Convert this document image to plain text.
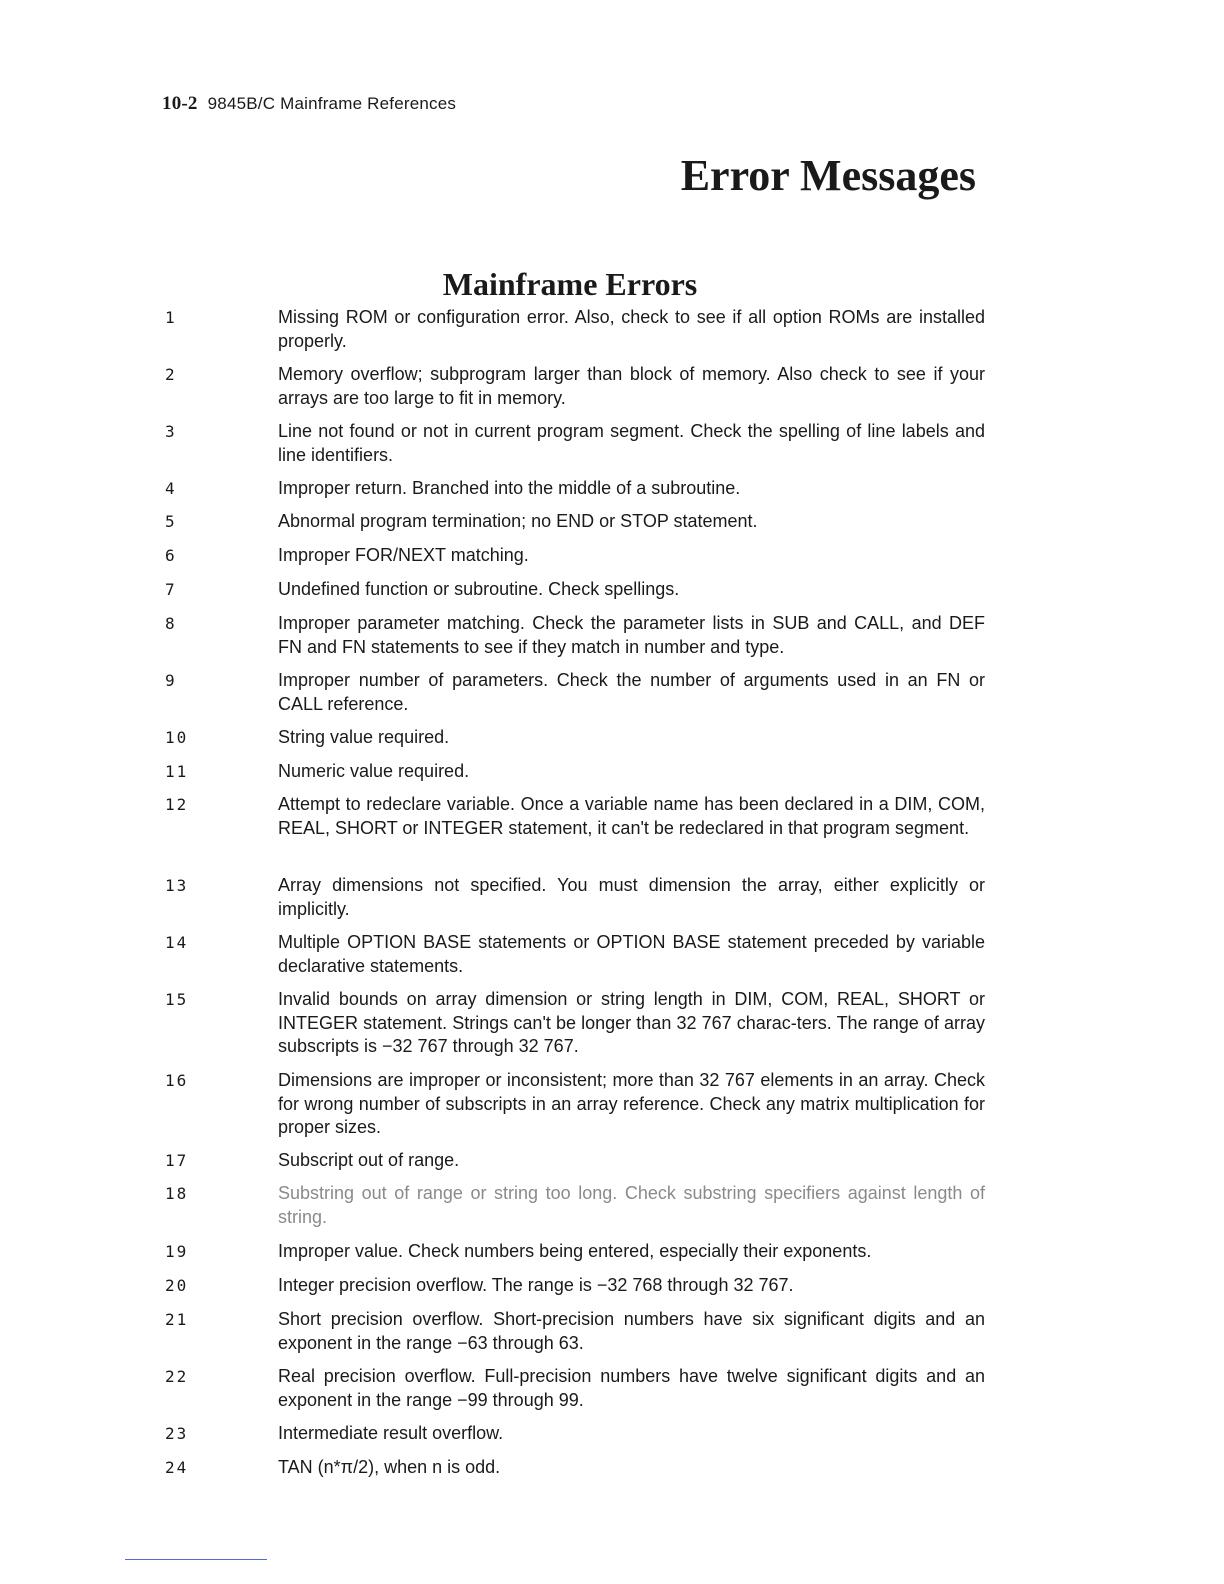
10-2 9845B/C Mainframe References
Error Messages
Mainframe Errors
1	Missing ROM or configuration error. Also, check to see if all option ROMs are installed properly.
2	Memory overflow; subprogram larger than block of memory. Also check to see if your arrays are too large to fit in memory.
3	Line not found or not in current program segment. Check the spelling of line labels and line identifiers.
4	Improper return. Branched into the middle of a subroutine.
5	Abnormal program termination; no END or STOP statement.
6	Improper FOR/NEXT matching.
7	Undefined function or subroutine. Check spellings.
8	Improper parameter matching. Check the parameter lists in SUB and CALL, and DEF FN and FN statements to see if they match in number and type.
9	Improper number of parameters. Check the number of arguments used in an FN or CALL reference.
10	String value required.
11	Numeric value required.
12	Attempt to redeclare variable. Once a variable name has been declared in a DIM, COM, REAL, SHORT or INTEGER statement, it can't be redeclared in that program segment.
13	Array dimensions not specified. You must dimension the array, either explicitly or implicitly.
14	Multiple OPTION BASE statements or OPTION BASE statement preceded by variable declarative statements.
15	Invalid bounds on array dimension or string length in DIM, COM, REAL, SHORT or INTEGER statement. Strings can't be longer than 32 767 charac-ters. The range of array subscripts is −32 767 through 32 767.
16	Dimensions are improper or inconsistent; more than 32 767 elements in an array. Check for wrong number of subscripts in an array reference. Check any matrix multiplication for proper sizes.
17	Subscript out of range.
18	Substring out of range or string too long. Check substring specifiers against length of string.
19	Improper value. Check numbers being entered, especially their exponents.
20	Integer precision overflow. The range is −32 768 through 32 767.
21	Short precision overflow. Short-precision numbers have six significant digits and an exponent in the range −63 through 63.
22	Real precision overflow. Full-precision numbers have twelve significant digits and an exponent in the range −99 through 99.
23	Intermediate result overflow.
24	TAN (n*π/2), when n is odd.
